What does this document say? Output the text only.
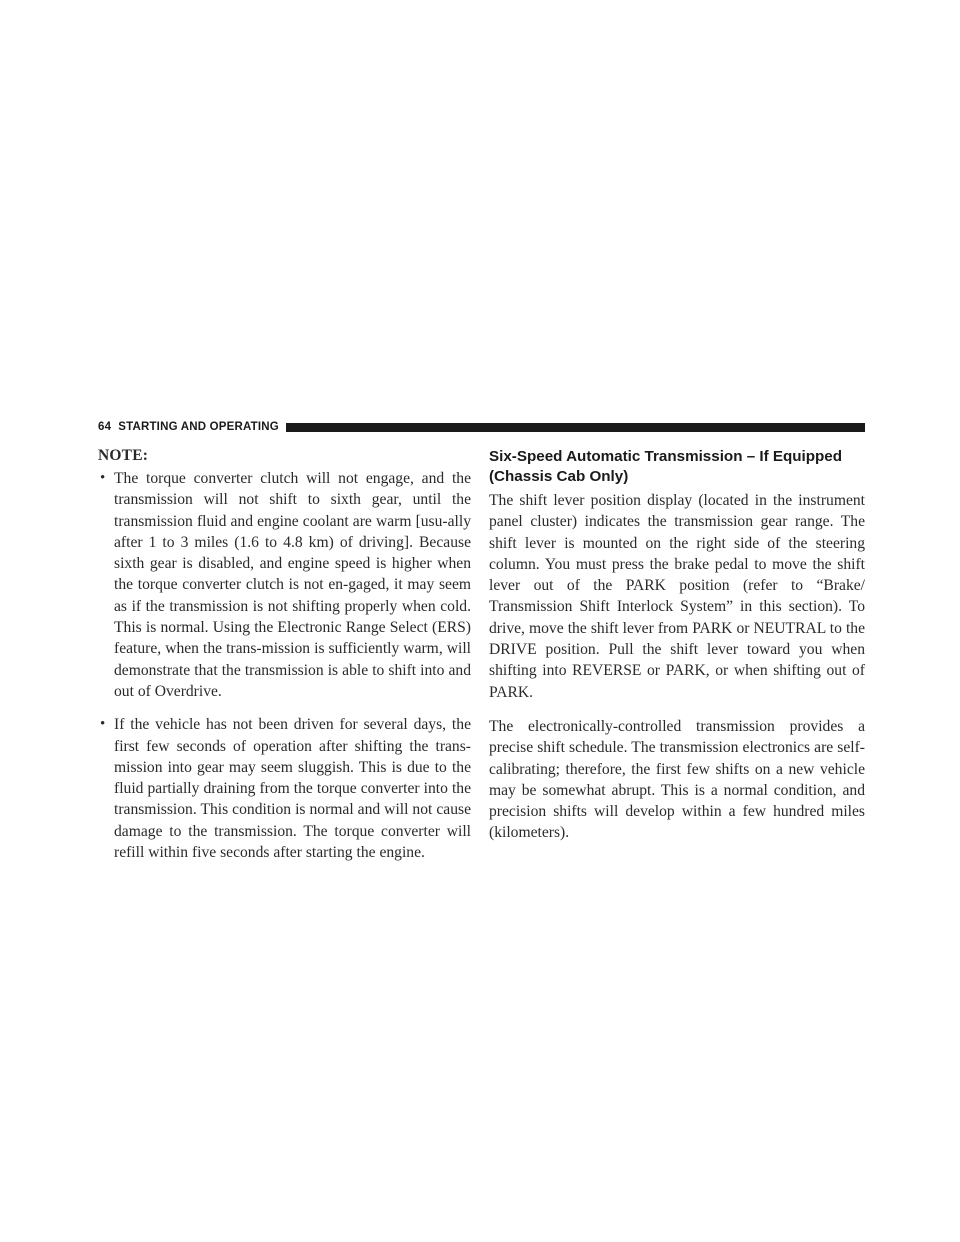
64 STARTING AND OPERATING
NOTE:
• The torque converter clutch will not engage, and the transmission will not shift to sixth gear, until the transmission fluid and engine coolant are warm [usu-ally after 1 to 3 miles (1.6 to 4.8 km) of driving]. Because sixth gear is disabled, and engine speed is higher when the torque converter clutch is not en-gaged, it may seem as if the transmission is not shifting properly when cold. This is normal. Using the Electronic Range Select (ERS) feature, when the trans-mission is sufficiently warm, will demonstrate that the transmission is able to shift into and out of Overdrive.
• If the vehicle has not been driven for several days, the first few seconds of operation after shifting the trans-mission into gear may seem sluggish. This is due to the fluid partially draining from the torque converter into the transmission. This condition is normal and will not cause damage to the transmission. The torque converter will refill within five seconds after starting the engine.
Six-Speed Automatic Transmission – If Equipped (Chassis Cab Only)

The shift lever position display (located in the instrument panel cluster) indicates the transmission gear range. The shift lever is mounted on the right side of the steering column. You must press the brake pedal to move the shift lever out of the PARK position (refer to “Brake/ Transmission Shift Interlock System” in this section). To drive, move the shift lever from PARK or NEUTRAL to the DRIVE position. Pull the shift lever toward you when shifting into REVERSE or PARK, or when shifting out of PARK.

The electronically-controlled transmission provides a precise shift schedule. The transmission electronics are self-calibrating; therefore, the first few shifts on a new vehicle may be somewhat abrupt. This is a normal condition, and precision shifts will develop within a few hundred miles (kilometers).
